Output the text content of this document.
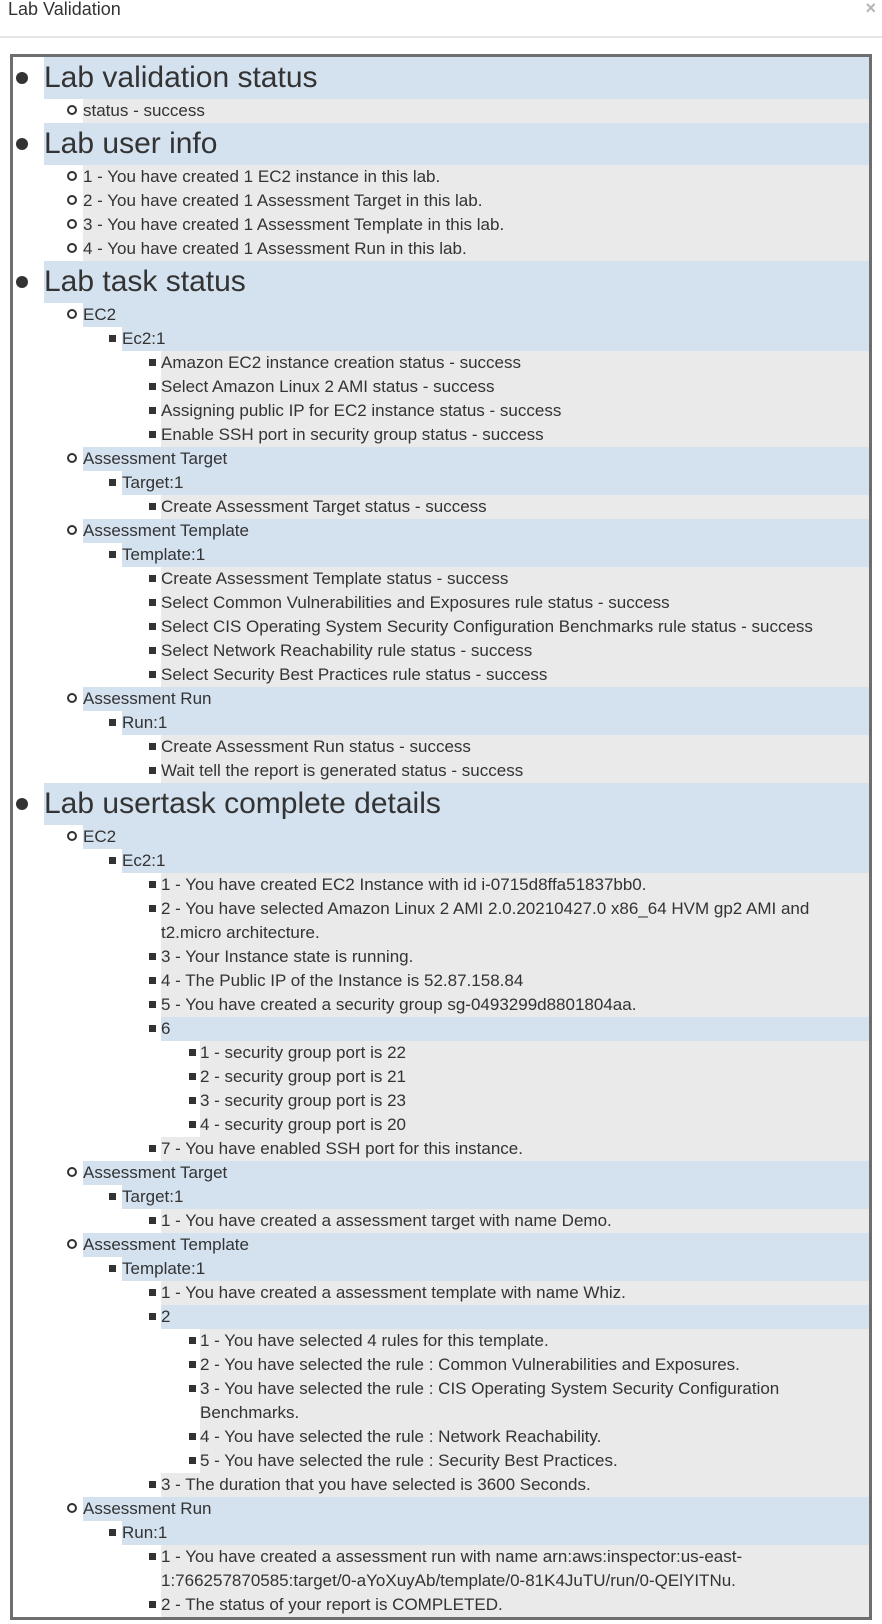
Lab Validation	×
Lab validation status
status - success
Lab user info
1 - You have created 1 EC2 instance in this lab.
2 - You have created 1 Assessment Target in this lab.
3 - You have created 1 Assessment Template in this lab.
4 - You have created 1 Assessment Run in this lab.
Lab task status
EC2
Ec2:1
Amazon EC2 instance creation status - success
Select Amazon Linux 2 AMI status - success
Assigning public IP for EC2 instance status - success
Enable SSH port in security group status - success
Assessment Target
Target:1
Create Assessment Target status - success
Assessment Template
Template:1
Create Assessment Template status - success
Select Common Vulnerabilities and Exposures rule status - success
Select CIS Operating System Security Configuration Benchmarks rule status - success
Select Network Reachability rule status - success
Select Security Best Practices rule status - success
Assessment Run
Run:1
Create Assessment Run status - success
Wait tell the report is generated status - success
Lab usertask complete details
EC2
Ec2:1
1 - You have created EC2 Instance with id i-0715d8ffa51837bb0.
2 - You have selected Amazon Linux 2 AMI 2.0.20210427.0 x86_64 HVM gp2 AMI and t2.micro architecture.
3 - Your Instance state is running.
4 - The Public IP of the Instance is 52.87.158.84
5 - You have created a security group sg-0493299d8801804aa.
6
1 - security group port is 22
2 - security group port is 21
3 - security group port is 23
4 - security group port is 20
7 - You have enabled SSH port for this instance.
Assessment Target
Target:1
1 - You have created a assessment target with name Demo.
Assessment Template
Template:1
1 - You have created a assessment template with name Whiz.
2
1 - You have selected 4 rules for this template.
2 - You have selected the rule : Common Vulnerabilities and Exposures.
3 - You have selected the rule : CIS Operating System Security Configuration Benchmarks.
4 - You have selected the rule : Network Reachability.
5 - You have selected the rule : Security Best Practices.
3 - The duration that you have selected is 3600 Seconds.
Assessment Run
Run:1
1 - You have created a assessment run with name arn:aws:inspector:us-east-1:766257870585:target/0-aYoXuyAb/template/0-81K4JuTU/run/0-QElYITNu.
2 - The status of your report is COMPLETED.
